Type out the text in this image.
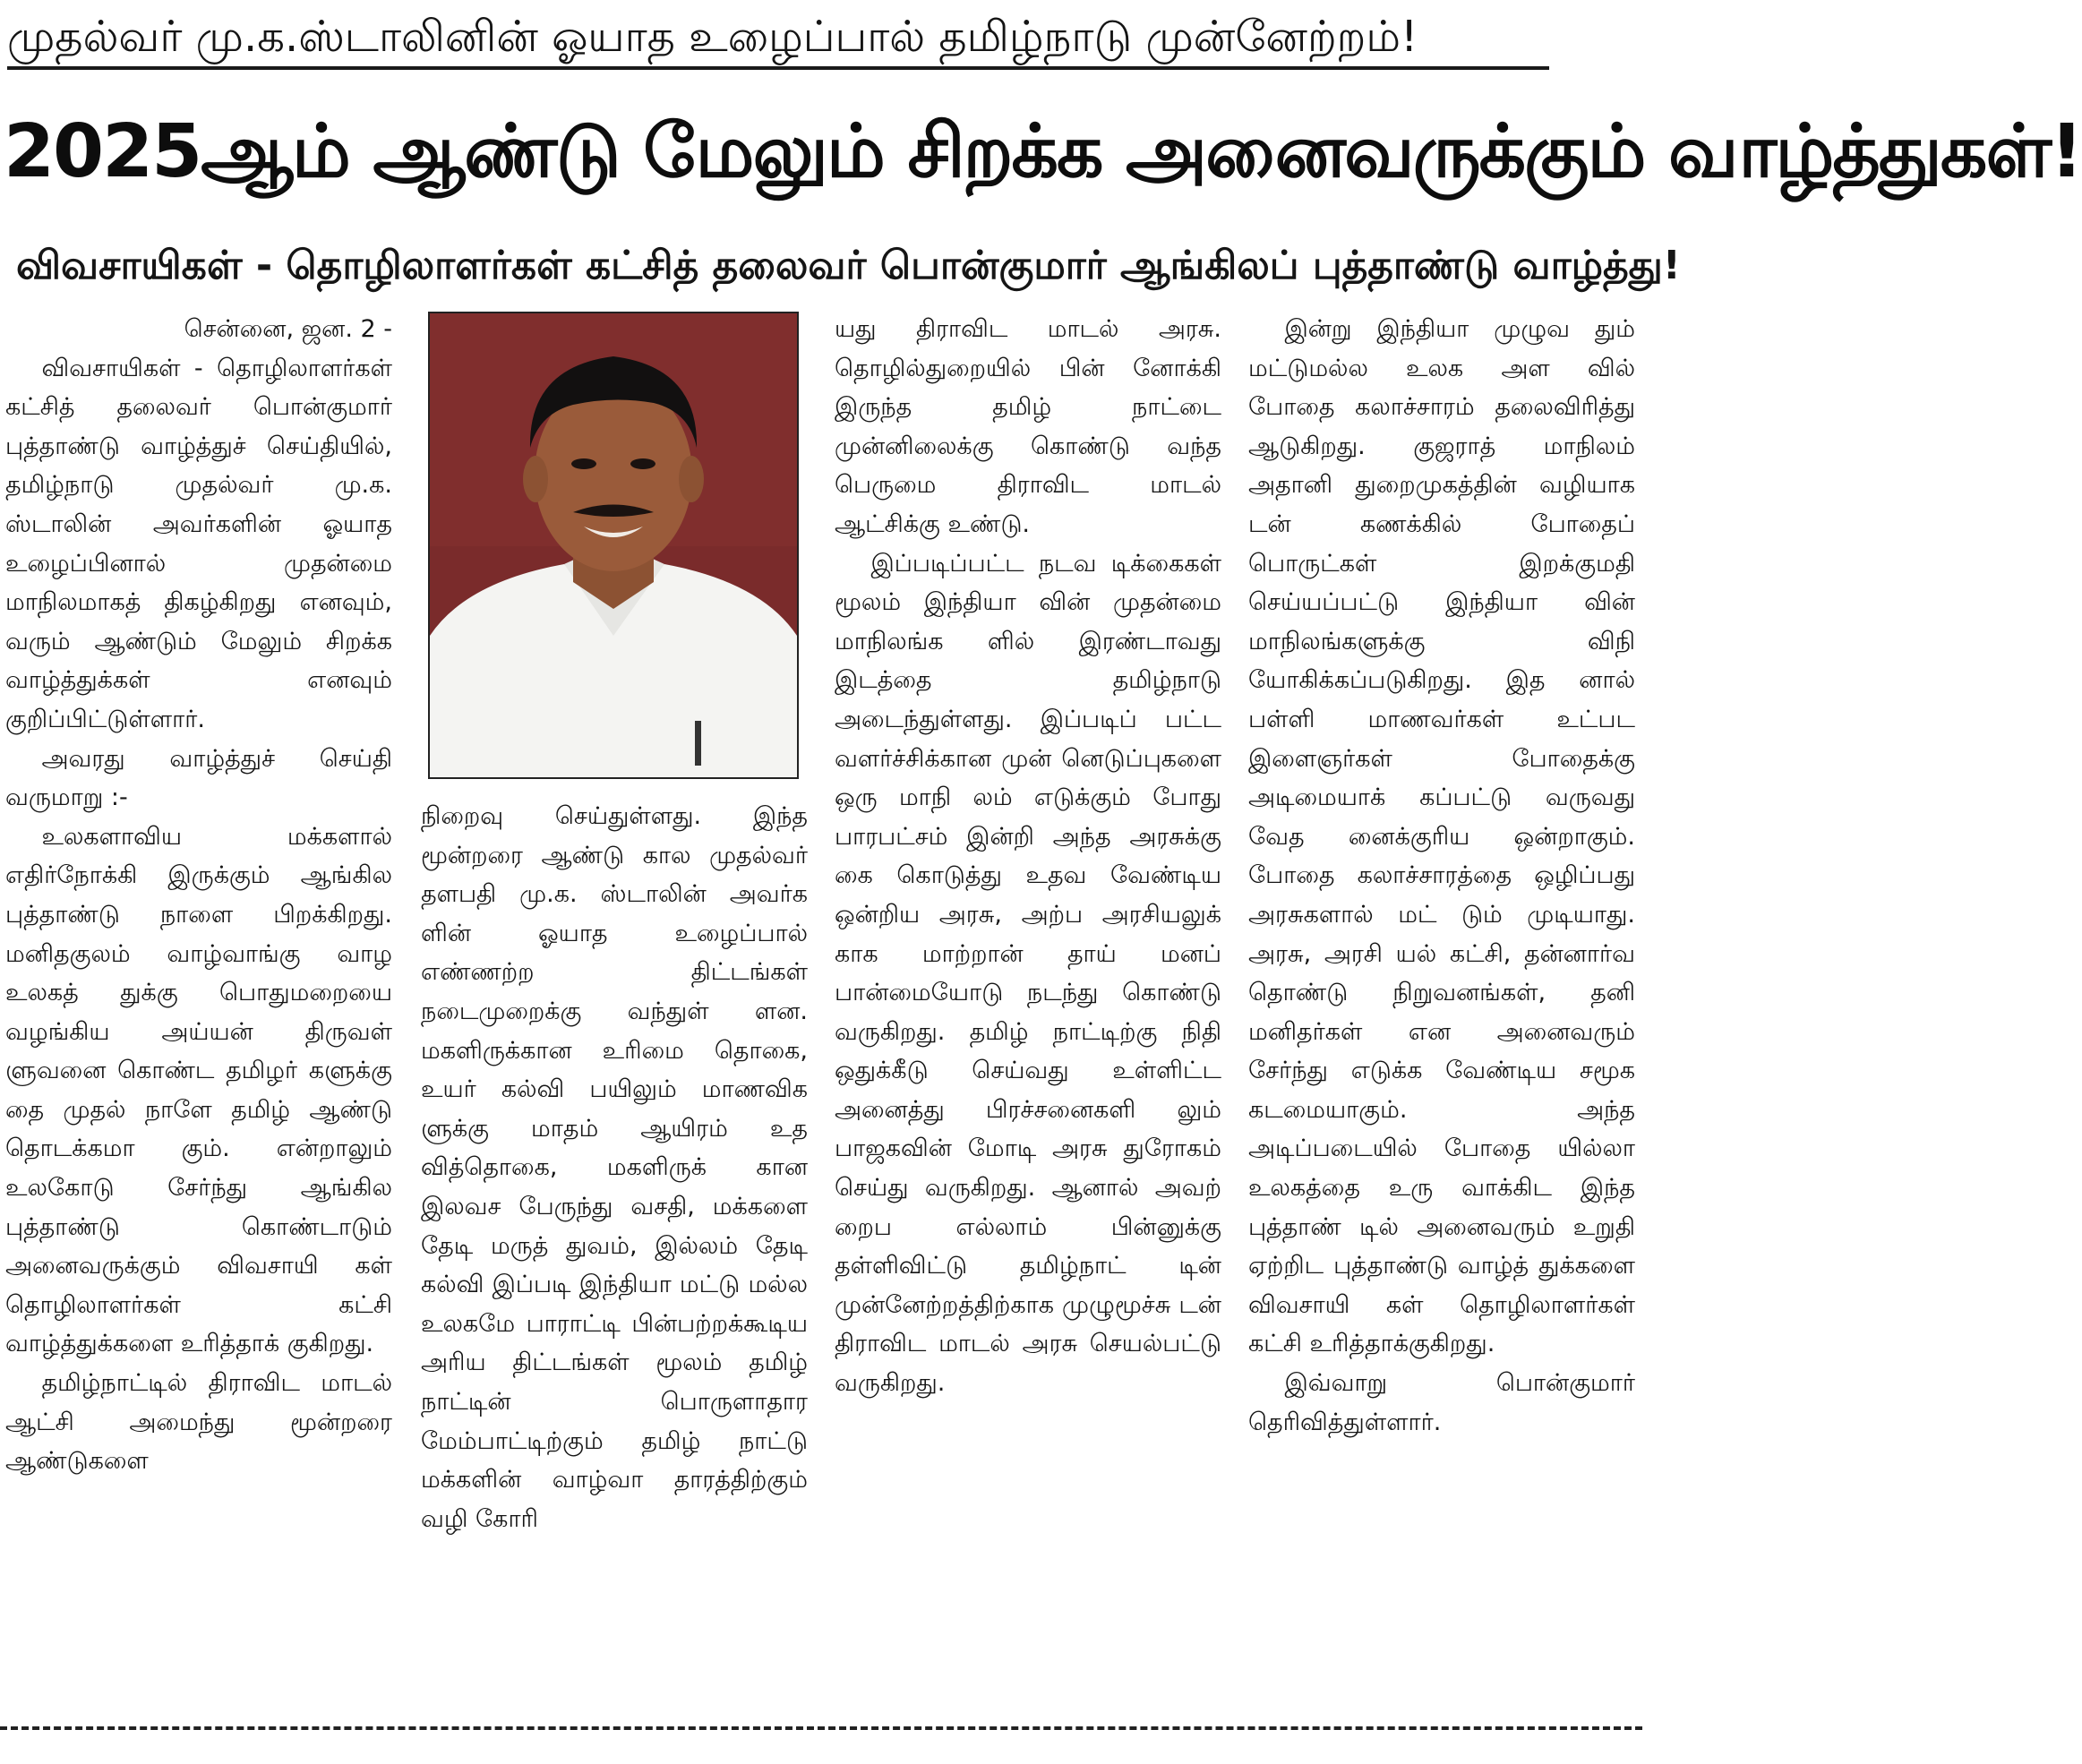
முதல்வர் மு.க.ஸ்டாலினின் ஓயாத உழைப்பால் தமிழ்நாடு முன்னேற்றம்!
2025ஆம் ஆண்டு மேலும் சிறக்க அனைவருக்கும் வாழ்த்துகள்!
விவசாயிகள் - தொழிலாளர்கள் கட்சித் தலைவர் பொன்குமார் ஆங்கிலப் புத்தாண்டு வாழ்த்து!

சென்னை, ஜன. 2 -

விவசாயிகள் - தொழிலாளர்கள் கட்சித் தலைவர் பொன்குமார் புத்தாண்டு வாழ்த்துச் செய்தியில், தமிழ்நாடு முதல்வர் மு.க. ஸ்டாலின் அவர்களின் ஓயாத உழைப்பினால் முதன்மை மாநிலமாகத் திகழ்கிறது எனவும், வரும் ஆண்டும் மேலும் சிறக்க வாழ்த்துக்கள் எனவும் குறிப்பிட்டுள்ளார்.

அவரது வாழ்த்துச் செய்தி வருமாறு :-

உலகளாவிய மக்களால் எதிர்நோக்கி இருக்கும் ஆங்கில புத்தாண்டு நாளை பிறக்கிறது. மனிதகுலம் வாழ்வாங்கு வாழ உலகத் துக்கு பொதுமறையை வழங்கிய அய்யன் திருவள் ளுவனை கொண்ட தமிழர் களுக்கு தை முதல் நாளே தமிழ் ஆண்டு தொடக்கமா கும். என்றாலும் உலகோடு சேர்ந்து ஆங்கில புத்தாண்டு கொண்டாடும் அனைவருக்கும் விவசாயி கள் தொழிலாளர்கள் கட்சி வாழ்த்துக்களை உரித்தாக் குகிறது.

தமிழ்நாட்டில் திராவிட மாடல் ஆட்சி அமைந்து மூன்றரை ஆண்டுகளை

நிறைவு செய்துள்ளது. இந்த மூன்றரை ஆண்டு கால முதல்வர் தளபதி மு.க. ஸ்டாலின் அவர்க ளின் ஓயாத உழைப்பால் எண்ணற்ற திட்டங்கள் நடைமுறைக்கு வந்துள் ளன. மகளிருக்கான உரிமை தொகை, உயர் கல்வி பயிலும் மாணவிக ளுக்கு மாதம் ஆயிரம் உத வித்தொகை, மகளிருக் கான இலவச பேருந்து வசதி, மக்களை தேடி மருத் துவம், இல்லம் தேடி கல்வி இப்படி இந்தியா மட்டு மல்ல உலகமே பாராட்டி பின்பற்றக்கூடிய அரிய திட்டங்கள் மூலம் தமிழ் நாட்டின் பொருளாதார மேம்பாட்டிற்கும் தமிழ் நாட்டு மக்களின் வாழ்வா தாரத்திற்கும் வழி கோரி

யது திராவிட மாடல் அரசு. தொழில்துறையில் பின் னோக்கி இருந்த தமிழ் நாட்டை முன்னிலைக்கு கொண்டு வந்த பெருமை திராவிட மாடல் ஆட்சிக்கு உண்டு.

இப்படிப்பட்ட நடவ டிக்கைகள் மூலம் இந்தியா வின் முதன்மை மாநிலங்க ளில் இரண்டாவது இடத்தை தமிழ்நாடு அடைந்துள்ளது. இப்படிப் பட்ட வளர்ச்சிக்கான முன் னெடுப்புகளை ஒரு மாநி லம் எடுக்கும் போது பாரபட்சம் இன்றி அந்த அரசுக்கு கை கொடுத்து உதவ வேண்டிய ஒன்றிய அரசு, அற்ப அரசியலுக் காக மாற்றான் தாய் மனப் பான்மையோடு நடந்து கொண்டு வருகிறது. தமிழ் நாட்டிற்கு நிதி ஒதுக்கீடு செய்வது உள்ளிட்ட அனைத்து பிரச்சனைகளி லும் பாஜகவின் மோடி அரசு துரோகம் செய்து வருகிறது. ஆனால் அவற் றைப எல்லாம் பின்னுக்கு தள்ளிவிட்டு தமிழ்நாட் டின் முன்னேற்றத்திற்காக முழுமூச்சு டன் திராவிட மாடல் அரசு செயல்பட்டு வருகிறது.

இன்று இந்தியா முழுவ தும் மட்டுமல்ல உலக அள வில் போதை கலாச்சாரம் தலைவிரித்து ஆடுகிறது. குஜராத் மாநிலம் அதானி துறைமுகத்தின் வழியாக டன் கணக்கில் போதைப் பொருட்கள் இறக்குமதி செய்யப்பட்டு இந்தியா வின் மாநிலங்களுக்கு விநி யோகிக்கப்படுகிறது. இத னால் பள்ளி மாணவர்கள் உட்பட இளைஞர்கள் போதைக்கு அடிமையாக் கப்பட்டு வருவது வேத னைக்குரிய ஒன்றாகும். போதை கலாச்சாரத்தை ஒழிப்பது அரசுகளால் மட் டும் முடியாது. அரசு, அரசி யல் கட்சி, தன்னார்வ தொண்டு நிறுவனங்கள், தனி மனிதர்கள் என அனைவரும் சேர்ந்து எடுக்க வேண்டிய சமூக கடமையாகும். அந்த அடிப்படையில் போதை யில்லா உலகத்தை உரு வாக்கிட இந்த புத்தாண் டில் அனைவரும் உறுதி ஏற்றிட புத்தாண்டு வாழ்த் துக்களை விவசாயி கள் தொழிலாளர்கள் கட்சி உரித்தாக்குகிறது.

இவ்வாறு பொன்குமார் தெரிவித்துள்ளார்.
